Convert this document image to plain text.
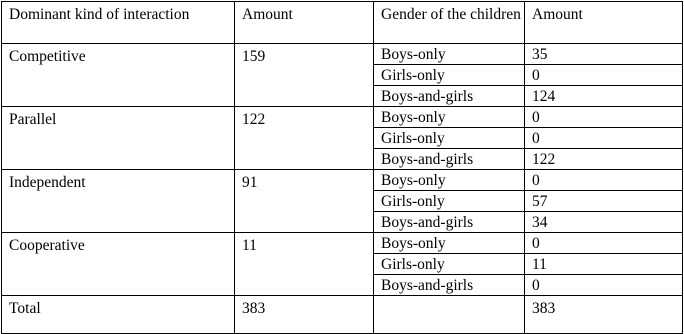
Dominant kind of interaction	Amount	Gender of the children	Amount
Competitive	159	Boys-only	35
		Girls-only	0
		Boys-and-girls	124
Parallel	122	Boys-only	0
		Girls-only	0
		Boys-and-girls	122
Independent	91	Boys-only	0
		Girls-only	57
		Boys-and-girls	34
Cooperative	11	Boys-only	0
		Girls-only	11
		Boys-and-girls	0
Total	383		383
